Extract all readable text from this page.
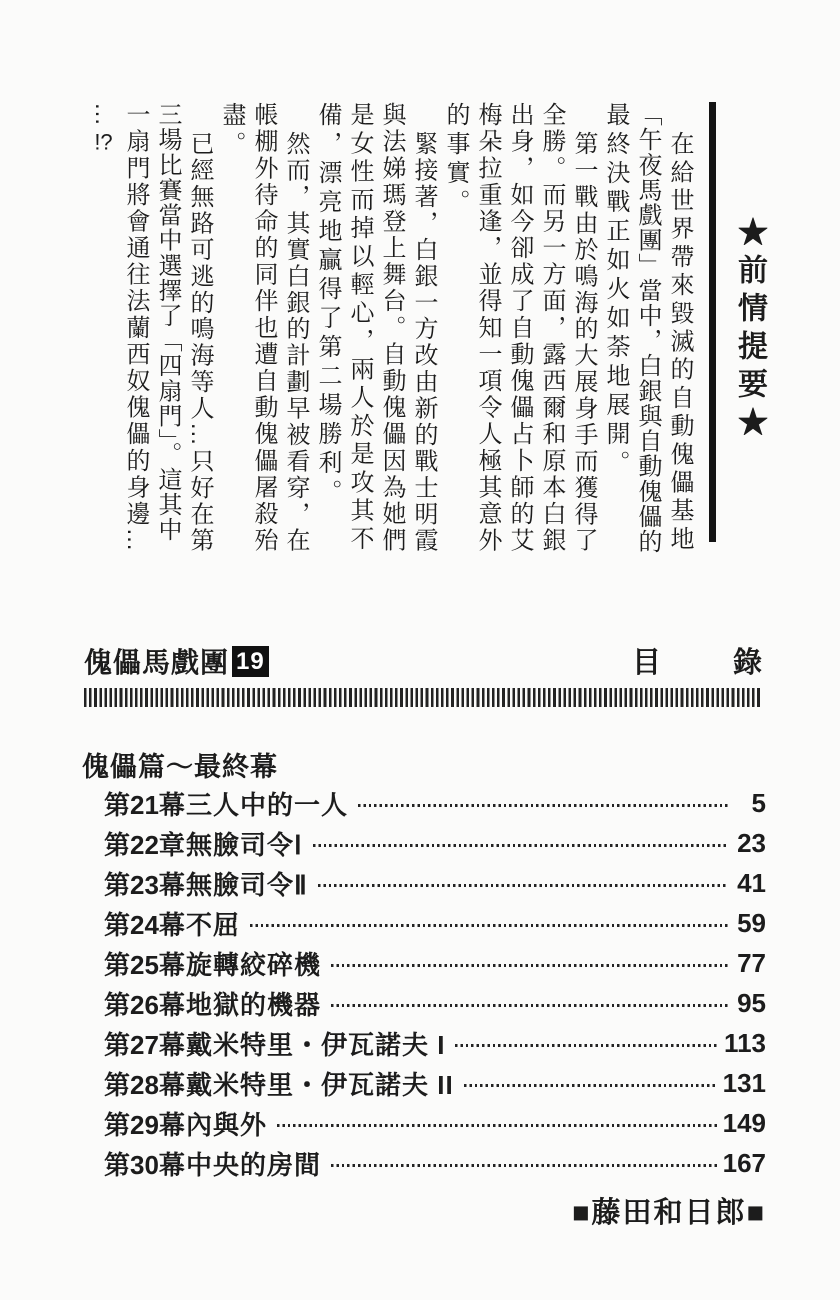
★前情提要★
在給世界帶來毀滅的自動傀儡基地
「午夜馬戲團」當中，白銀與自動傀儡的
最終決戰正如火如荼地展開。
第一戰由於鳴海的大展身手而獲得了
全勝。而另一方面，露西爾和原本白銀
出身，如今卻成了自動傀儡占卜師的艾
梅朵拉重逢，並得知一項令人極其意外
的事實。
緊接著，白銀一方改由新的戰士明霞
與法娣瑪登上舞台。自動傀儡因為她們
是女性而掉以輕心，兩人於是攻其不
備，漂亮地贏得了第二場勝利。
然而，其實白銀的計劃早被看穿，在
帳棚外待命的同伴也遭自動傀儡屠殺殆
盡。
已經無路可逃的鳴海等人…只好在第
三場比賽當中選擇了「四扇門」。這其中
一扇門將會通往法蘭西奴傀儡的身邊…
…!?
傀儡馬戲團 19	目錄
傀儡篇～最終幕
第21幕 三人中的一人	5
第22章 無臉司令Ⅰ	23
第23幕 無臉司令Ⅱ	41
第24幕 不屈	59
第25幕 旋轉絞碎機	77
第26幕 地獄的機器	95
第27幕 戴米特里・伊瓦諾夫 I	113
第28幕 戴米特里・伊瓦諾夫 II	131
第29幕 內與外	149
第30幕 中央的房間	167
■藤田和日郎■
